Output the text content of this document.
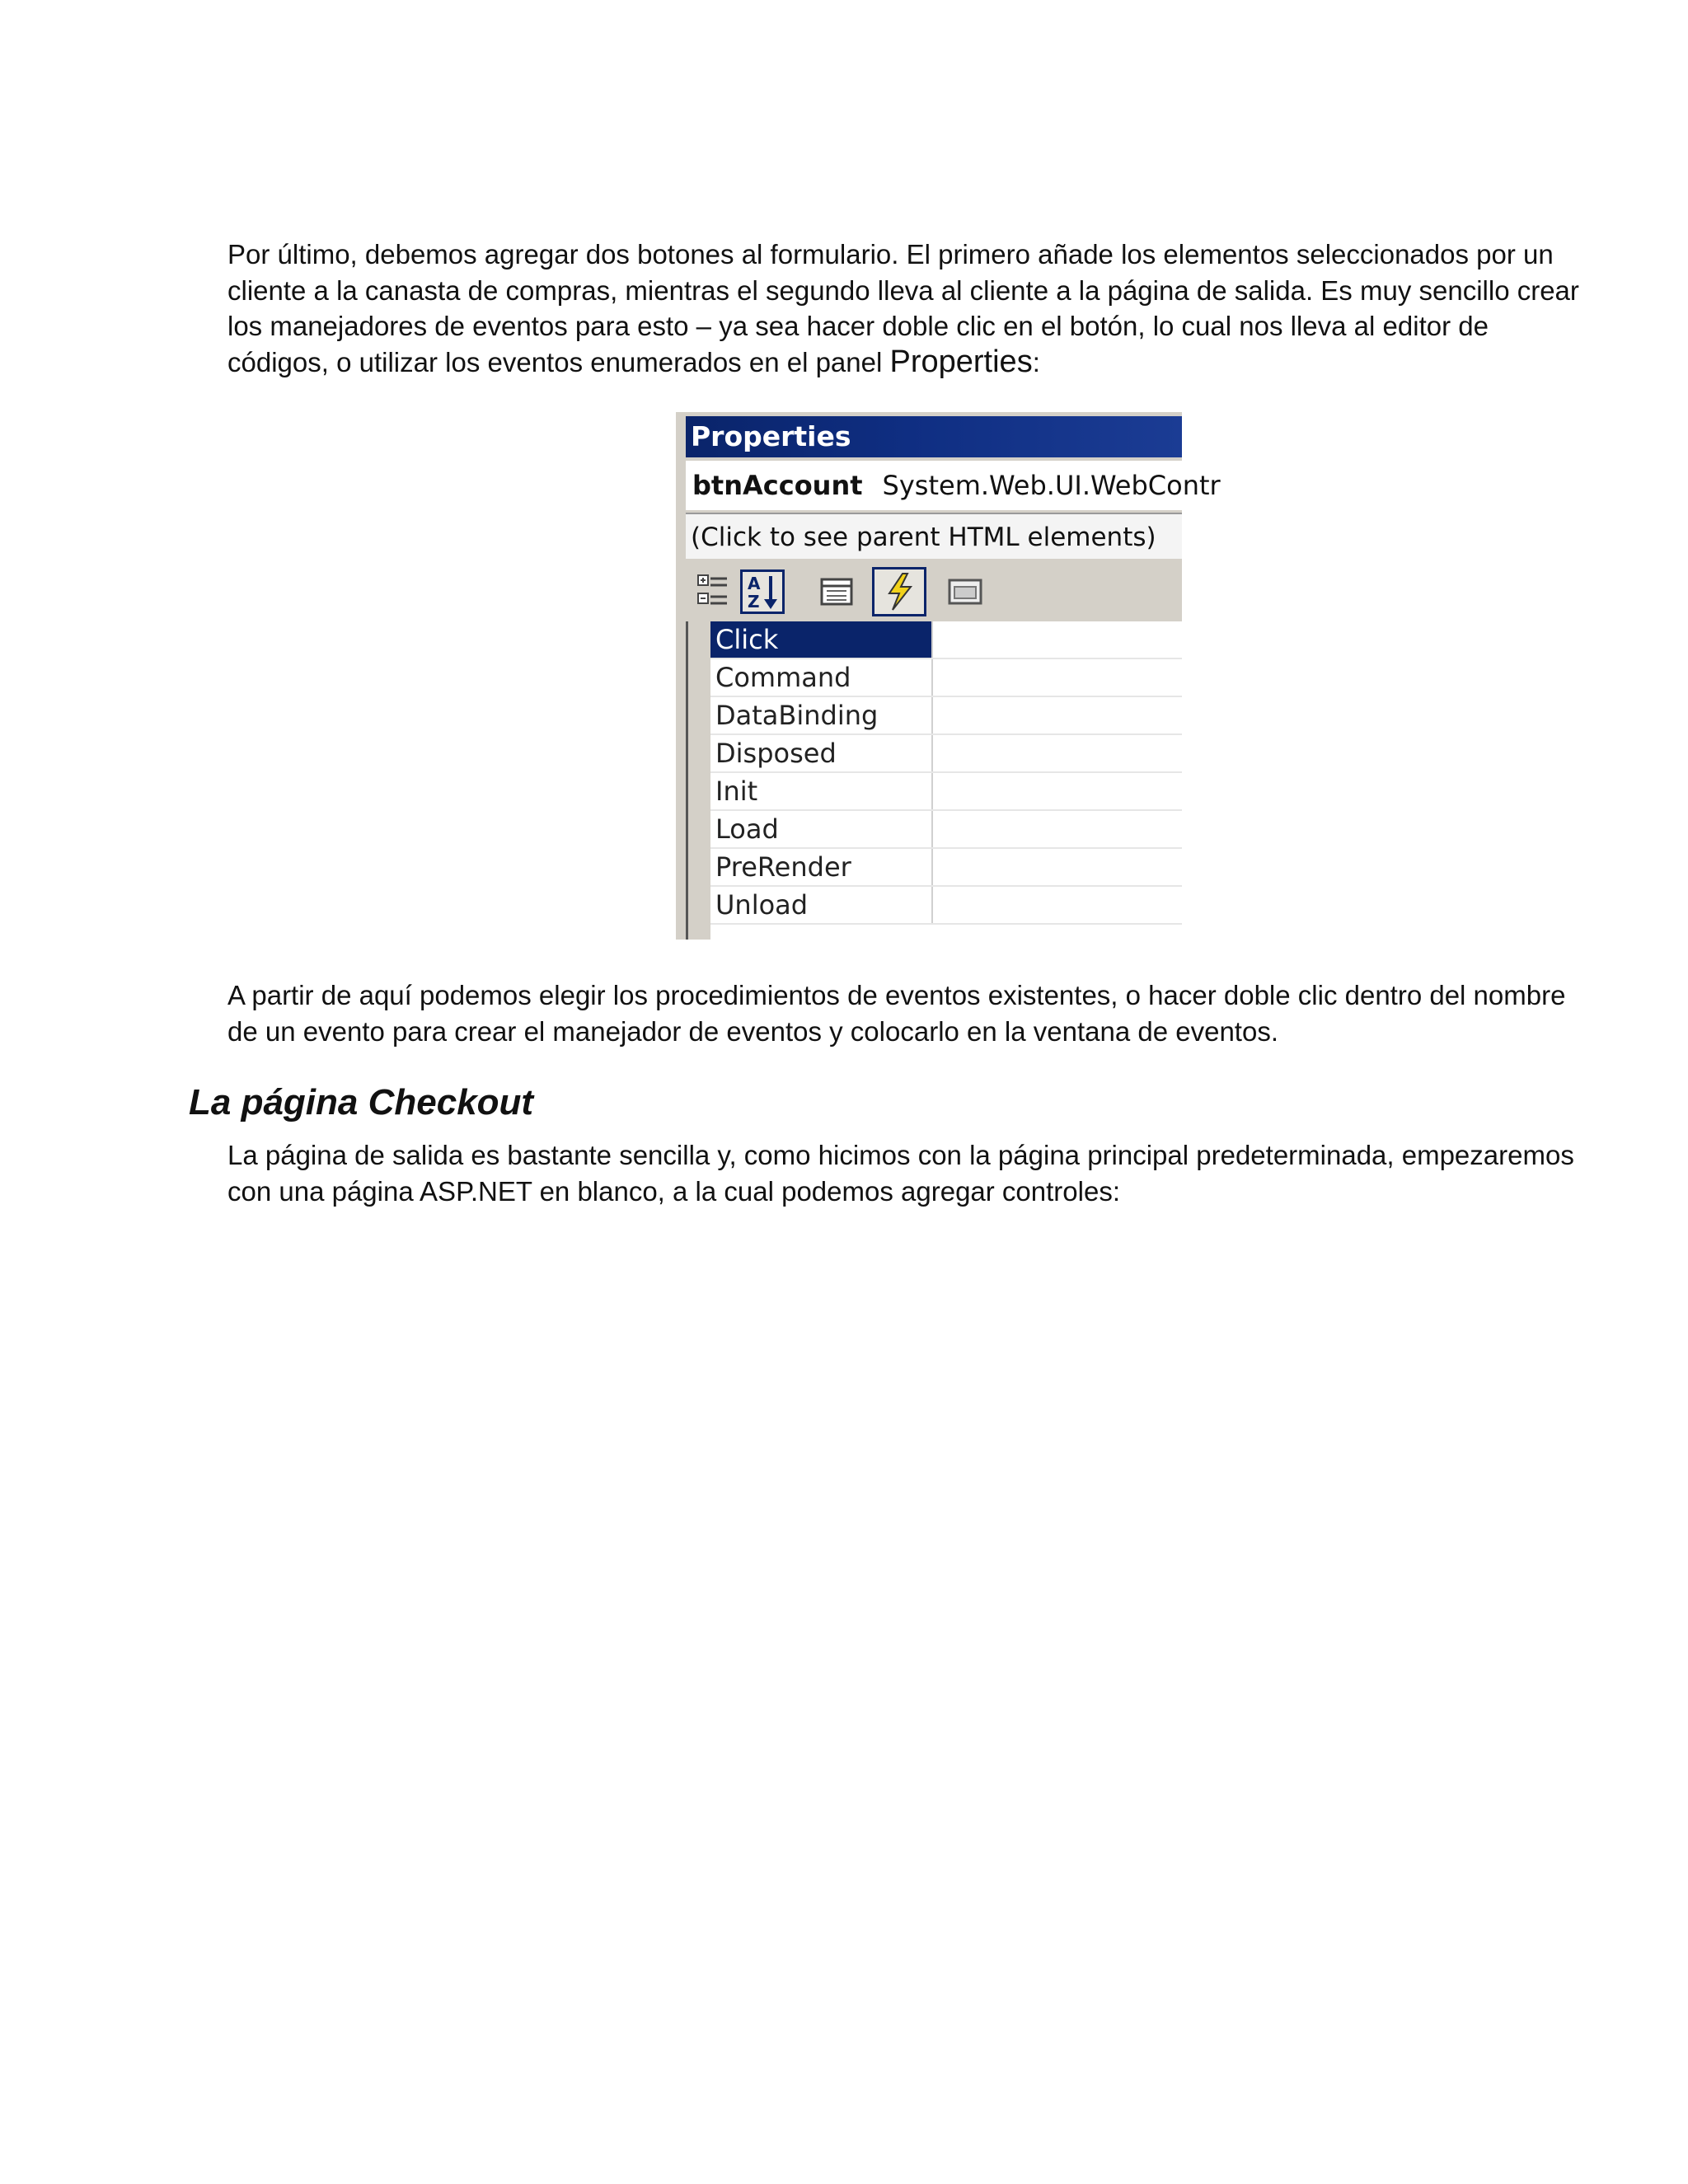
Por último, debemos agregar dos botones al formulario. El primero añade los elementos seleccionados por un cliente a la canasta de compras, mientras el segundo lleva al cliente a la página de salida. Es muy sencillo crear los manejadores de eventos para esto – ya sea hacer doble clic en el botón, lo cual nos lleva al editor de códigos, o utilizar los eventos enumerados en el panel Properties:

Properties
btnAccount System.Web.UI.WebContr
(Click to see parent HTML elements)
A
Z
Click
Command
DataBinding
Disposed
Init
Load
PreRender
Unload

A partir de aquí podemos elegir los procedimientos de eventos existentes, o hacer doble clic dentro del nombre de un evento para crear el manejador de eventos y colocarlo en la ventana de eventos.

La página Checkout

La página de salida es bastante sencilla y, como hicimos con la página principal predeterminada, empezaremos con una página ASP.NET en blanco, a la cual podemos agregar controles:
